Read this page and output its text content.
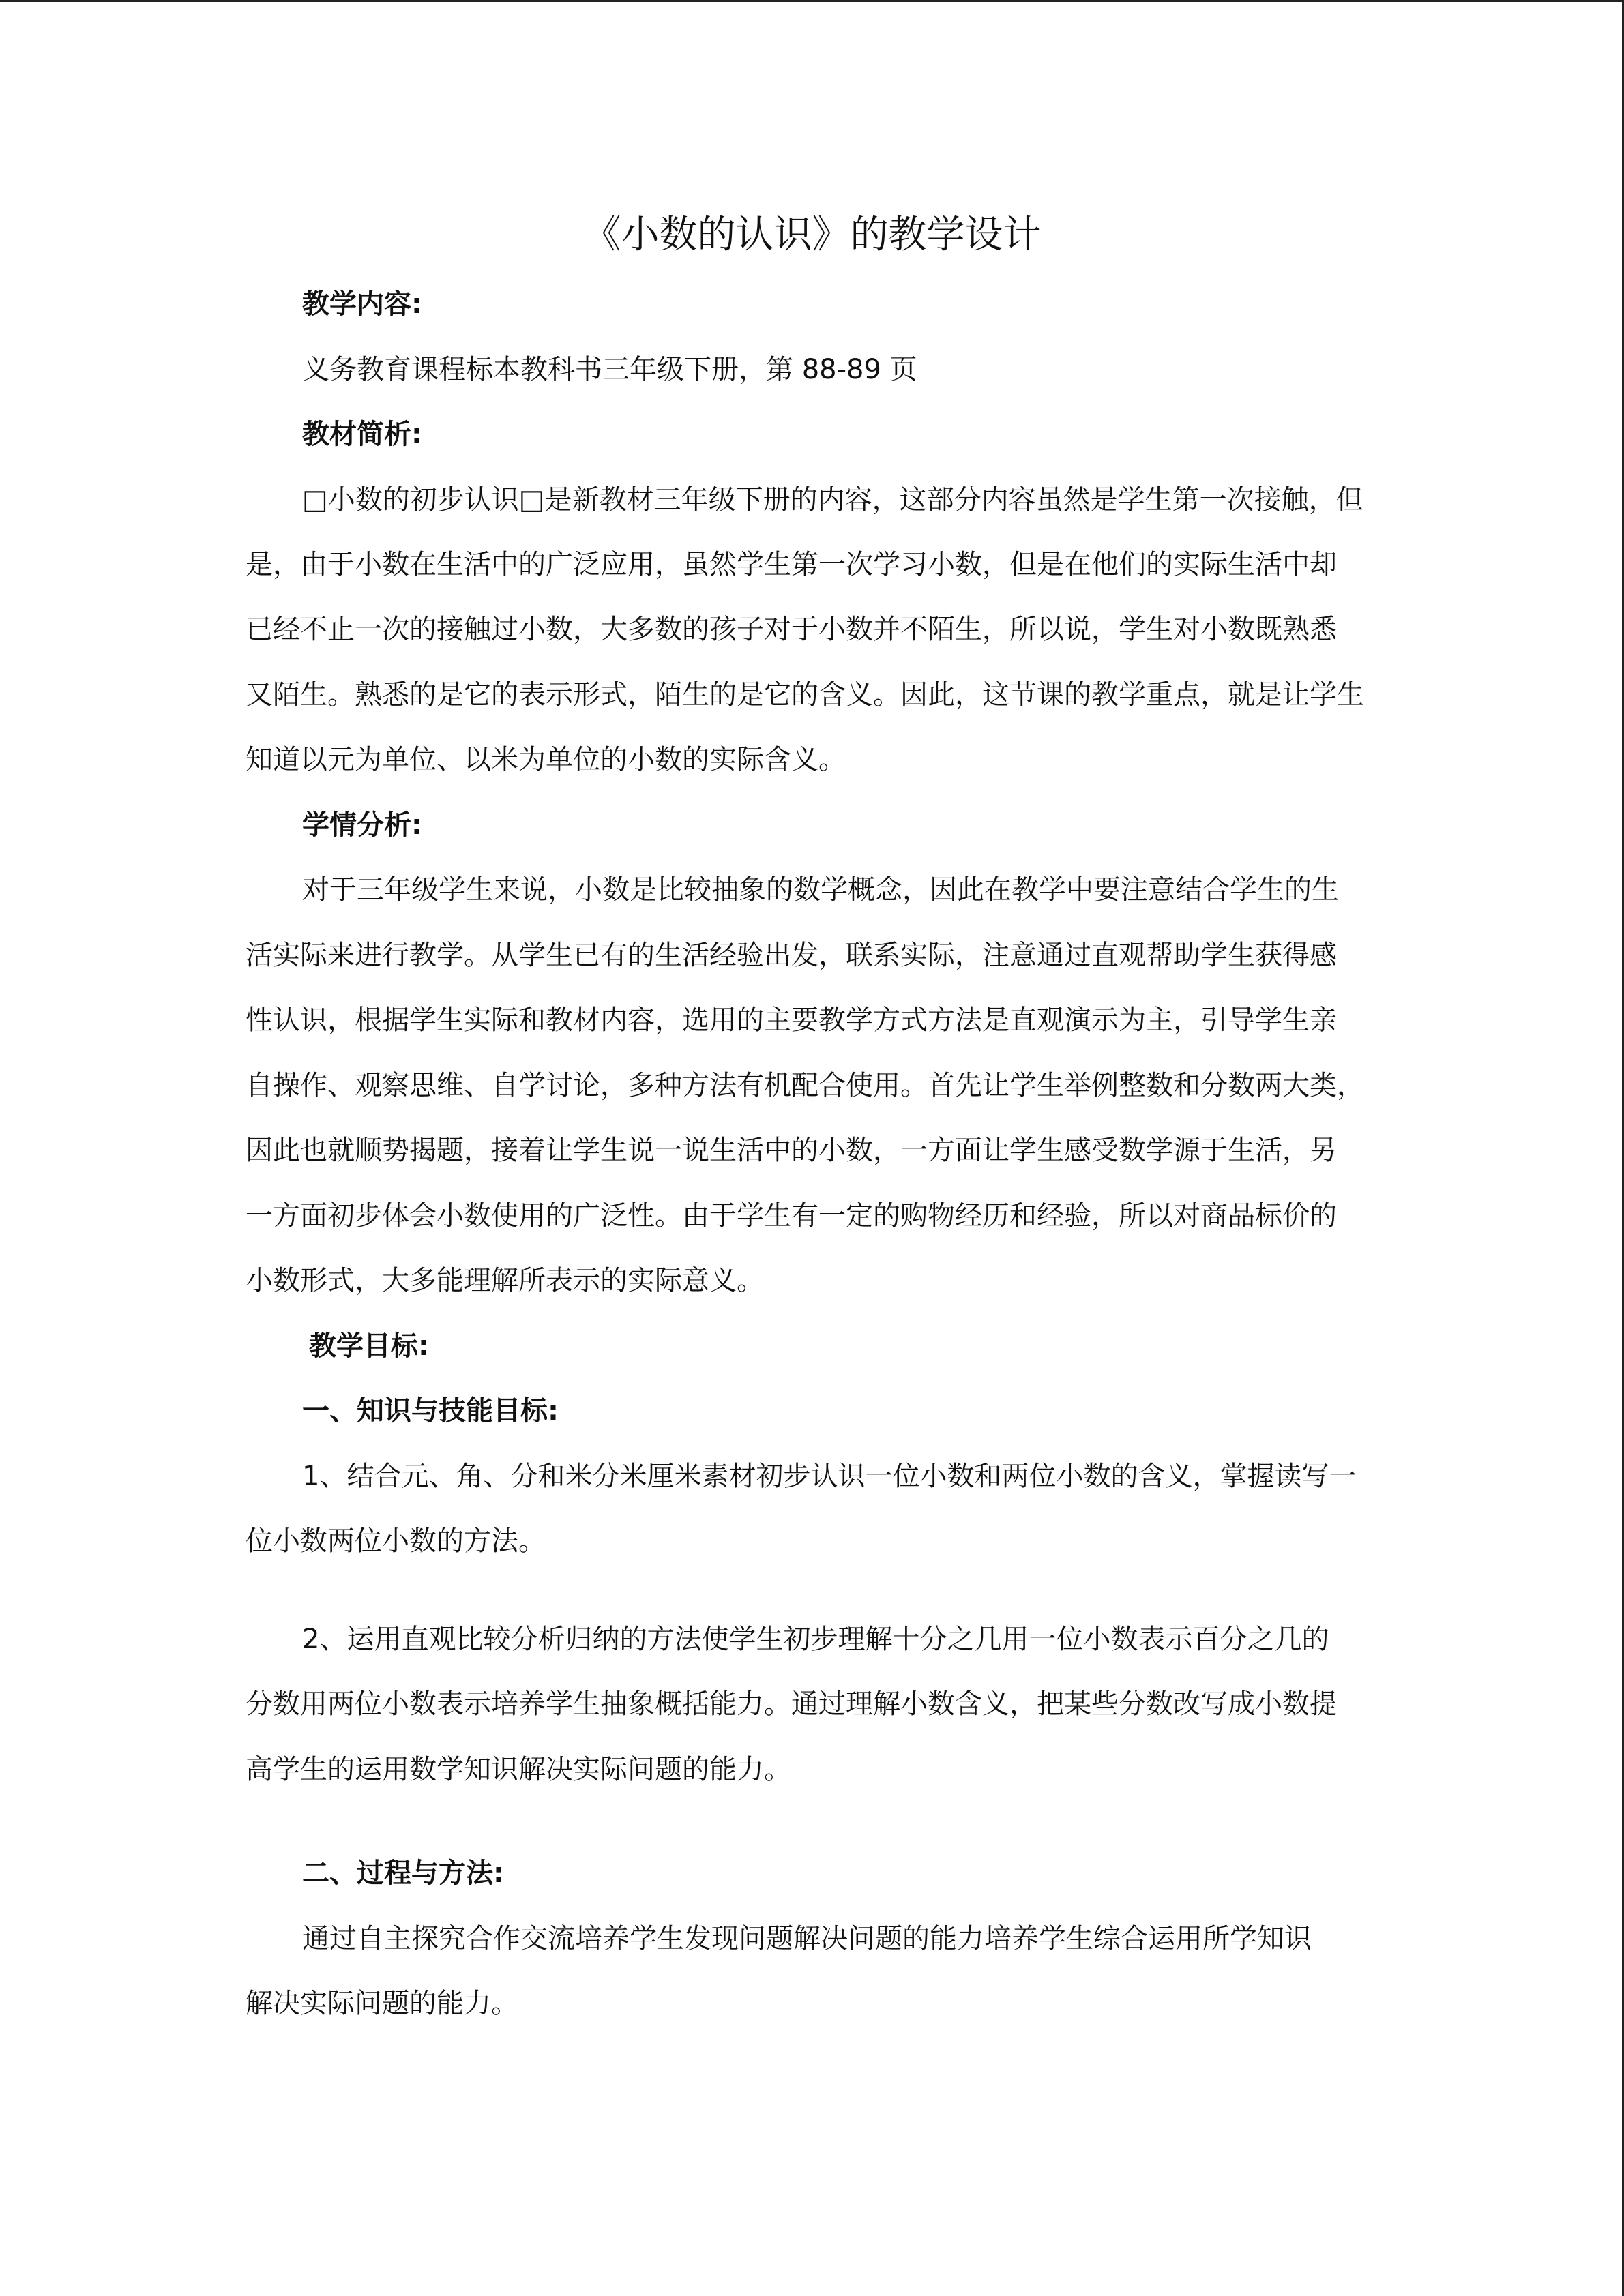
《小数的认识》的教学设计
教学内容:
义务教育课程标本教科书三年级下册，第 88-89 页
教材简析:
□小数的初步认识□是新教材三年级下册的内容，这部分内容虽然是学生第一次接触，但
是，由于小数在生活中的广泛应用，虽然学生第一次学习小数，但是在他们的实际生活中却
已经不止一次的接触过小数，大多数的孩子对于小数并不陌生，所以说，学生对小数既熟悉
又陌生。熟悉的是它的表示形式，陌生的是它的含义。因此，这节课的教学重点，就是让学生
知道以元为单位、以米为单位的小数的实际含义。
学情分析:
对于三年级学生来说，小数是比较抽象的数学概念，因此在教学中要注意结合学生的生
活实际来进行教学。从学生已有的生活经验出发，联系实际，注意通过直观帮助学生获得感
性认识，根据学生实际和教材内容，选用的主要教学方式方法是直观演示为主，引导学生亲
自操作、观察思维、自学讨论，多种方法有机配合使用。首先让学生举例整数和分数两大类，
因此也就顺势揭题，接着让学生说一说生活中的小数，一方面让学生感受数学源于生活，另
一方面初步体会小数使用的广泛性。由于学生有一定的购物经历和经验，所以对商品标价的
小数形式，大多能理解所表示的实际意义。
教学目标:
一、知识与技能目标:
1、结合元、角、分和米分米厘米素材初步认识一位小数和两位小数的含义，掌握读写一
位小数两位小数的方法。
2、运用直观比较分析归纳的方法使学生初步理解十分之几用一位小数表示百分之几的
分数用两位小数表示培养学生抽象概括能力。通过理解小数含义，把某些分数改写成小数提
高学生的运用数学知识解决实际问题的能力。
二、过程与方法:
通过自主探究合作交流培养学生发现问题解决问题的能力培养学生综合运用所学知识
解决实际问题的能力。
